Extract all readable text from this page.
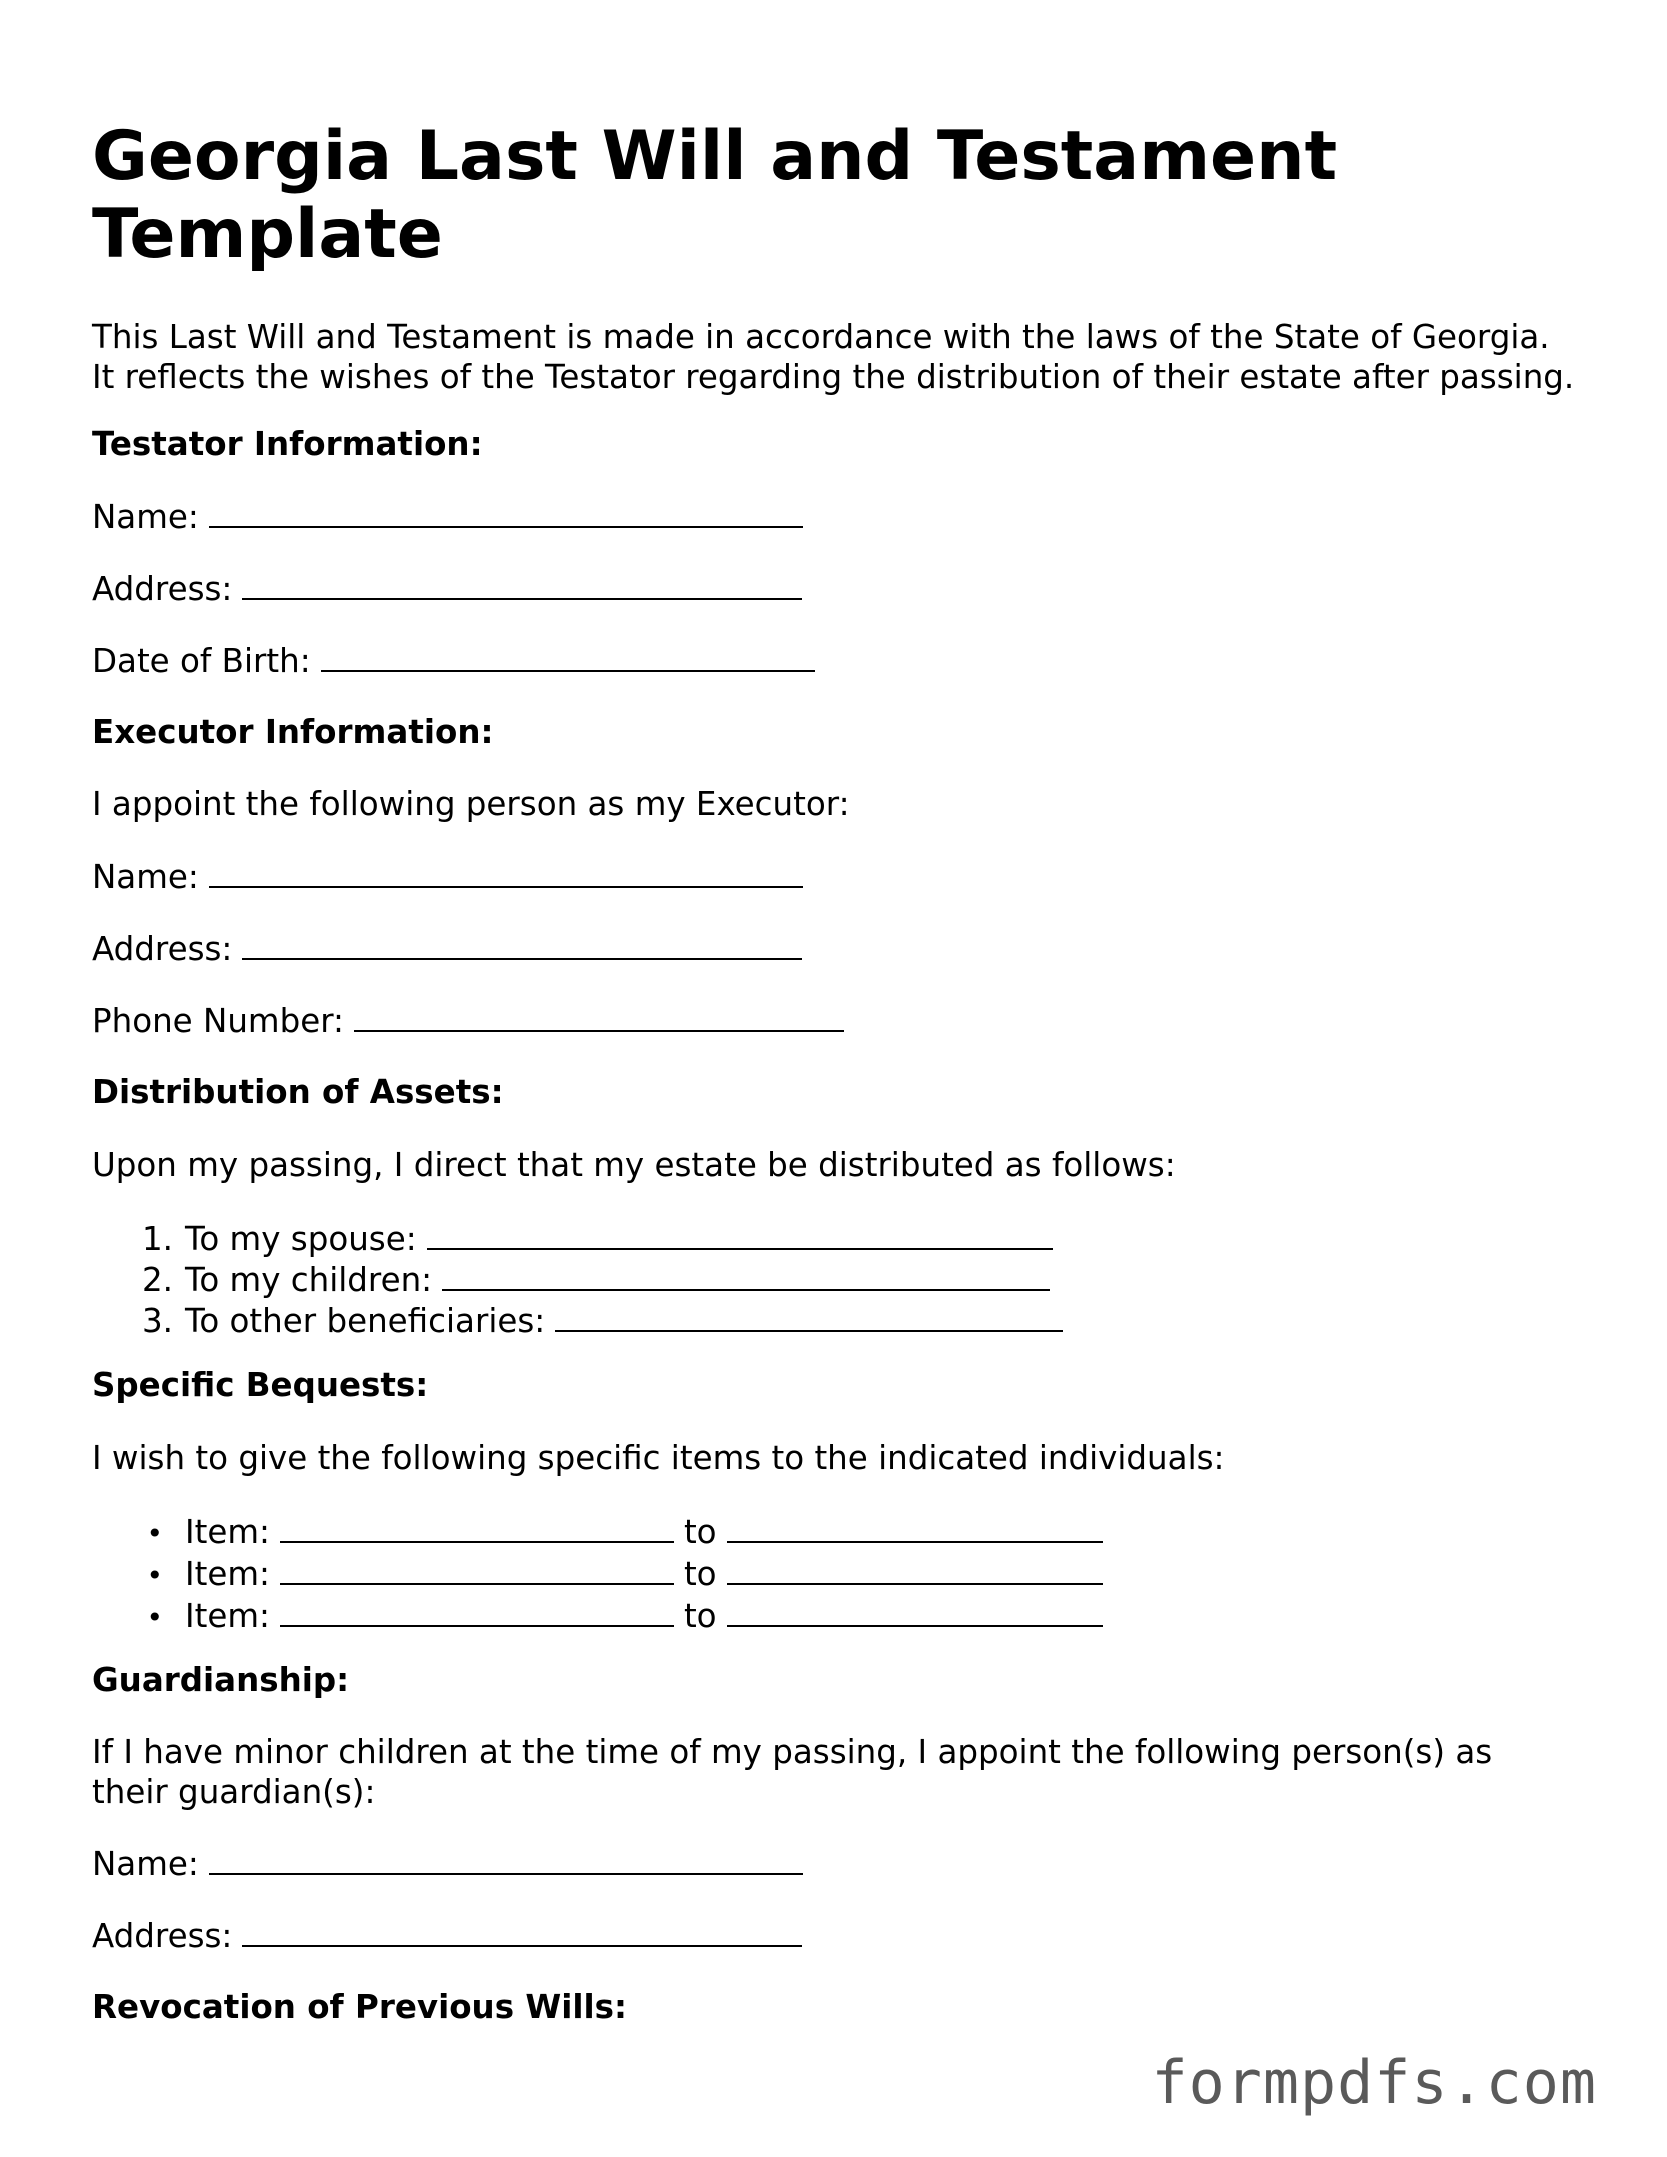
Georgia Last Will and Testament Template
This Last Will and Testament is made in accordance with the laws of the State of Georgia.
It reflects the wishes of the Testator regarding the distribution of their estate after passing.
Testator Information:
Name:
Address:
Date of Birth:
Executor Information:
I appoint the following person as my Executor:
Name:
Address:
Phone Number:
Distribution of Assets:
Upon my passing, I direct that my estate be distributed as follows:
1. To my spouse:
2. To my children:
3. To other beneficiaries:
Specific Bequests:
I wish to give the following specific items to the indicated individuals:
• Item:	to
• Item:	to
• Item:	to
Guardianship:
If I have minor children at the time of my passing, I appoint the following person(s) as
their guardian(s):
Name:
Address:
Revocation of Previous Wills:
formpdfs.com
